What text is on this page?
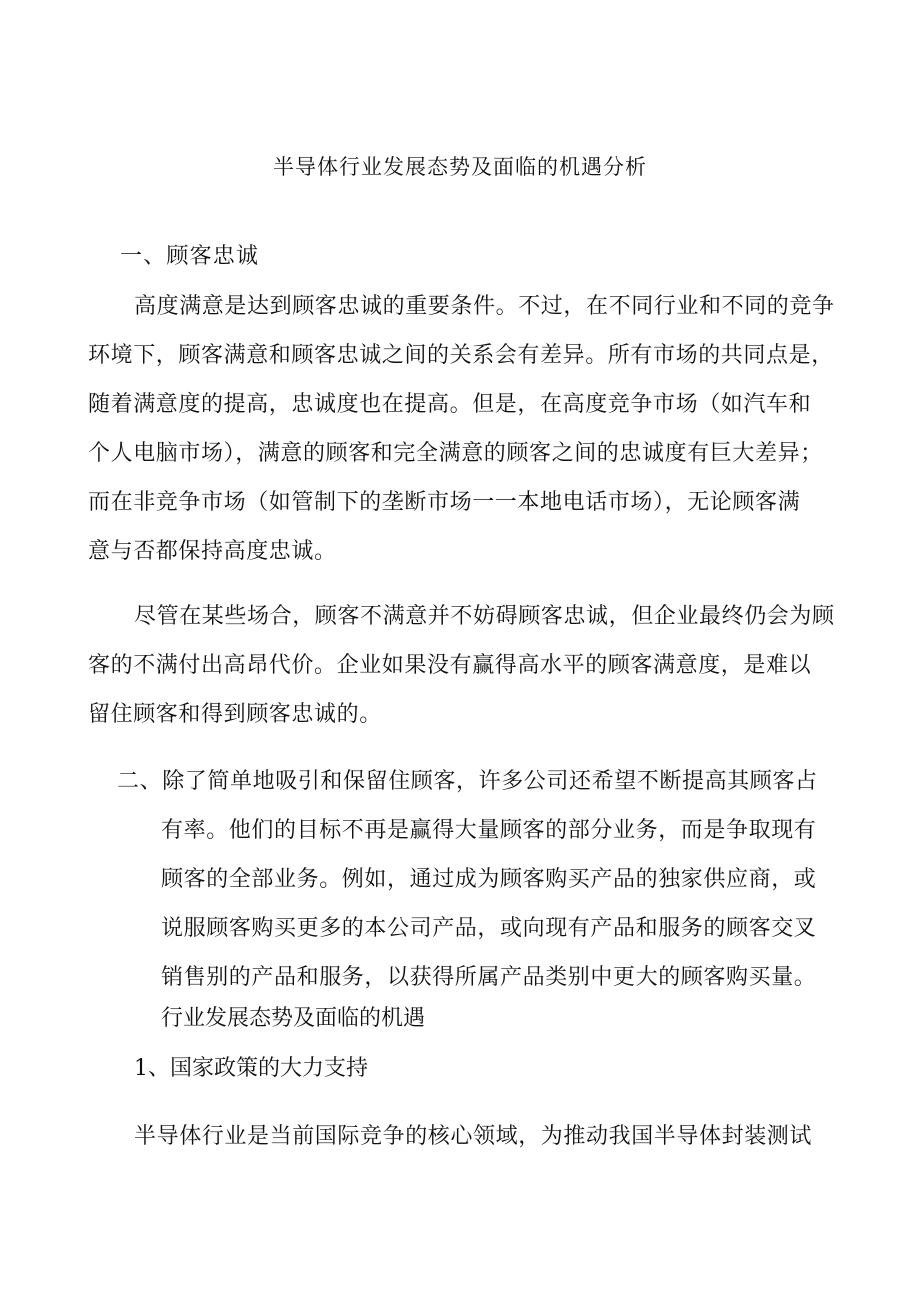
半导体行业发展态势及面临的机遇分析
一、顾客忠诚
高度满意是达到顾客忠诚的重要条件。不过，在不同行业和不同的竞争
环境下，顾客满意和顾客忠诚之间的关系会有差异。所有市场的共同点是，
随着满意度的提高，忠诚度也在提高。但是，在高度竞争市场（如汽车和
个人电脑市场），满意的顾客和完全满意的顾客之间的忠诚度有巨大差异；
而在非竞争市场（如管制下的垄断市场一一本地电话市场），无论顾客满
意与否都保持高度忠诚。
尽管在某些场合，顾客不满意并不妨碍顾客忠诚，但企业最终仍会为顾
客的不满付出高昂代价。企业如果没有赢得高水平的顾客满意度，是难以
留住顾客和得到顾客忠诚的。
二、除了简单地吸引和保留住顾客，许多公司还希望不断提高其顾客占
有率。他们的目标不再是赢得大量顾客的部分业务，而是争取现有
顾客的全部业务。例如，通过成为顾客购买产品的独家供应商，或
说服顾客购买更多的本公司产品，或向现有产品和服务的顾客交叉
销售别的产品和服务，以获得所属产品类别中更大的顾客购买量。
行业发展态势及面临的机遇
1、国家政策的大力支持
半导体行业是当前国际竞争的核心领域，为推动我国半导体封装测试
